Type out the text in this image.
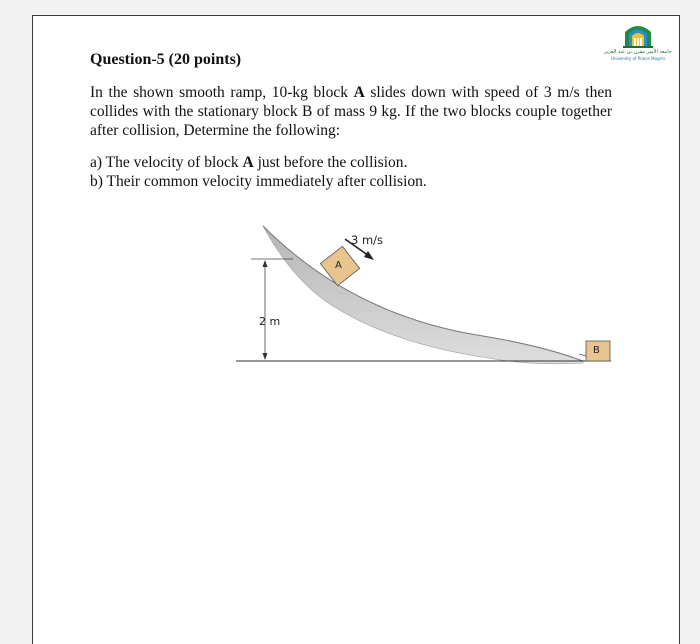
جامعة الأمير مقرن بن عبد العزيز
University of Prince Mugrin
Question-5 (20 points)
In the shown smooth ramp, 10-kg block A slides down with speed of 3 m/s then collides with the stationary block B of mass 9 kg. If the two blocks couple together after collision, Determine the following:
a) The velocity of block A just before the collision.
b) Their common velocity immediately after collision.
3 m/s
2 m
A
B
